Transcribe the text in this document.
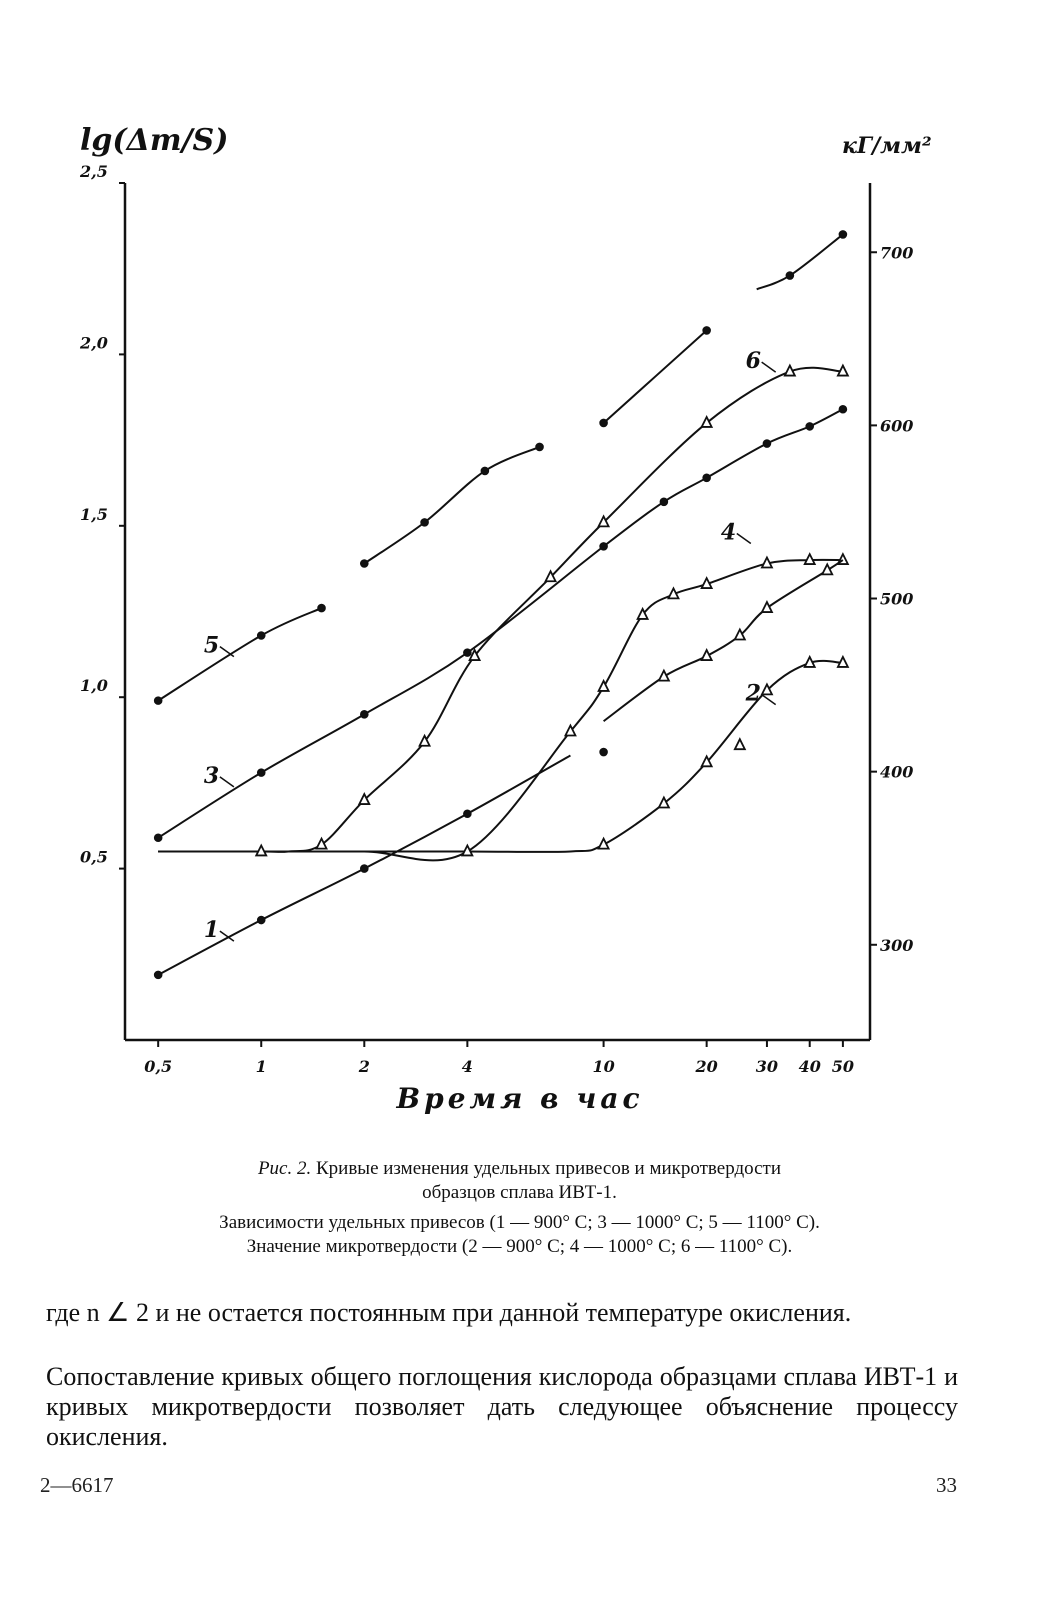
0,5	1	2	4	10	20 30 40 50
0,5
1,0
1,5
2,0
2,5
300
400
500
600
700
1
2
3
4
5
6
lg(Δm/S)	кГ/мм²
Время в час
Рис. 2. Кривые изменения удельных привесов и микротвердости
образцов сплава ИВТ-1.
Зависимости удельных привесов (1 — 900° С; 3 — 1000° С; 5 — 1100° С).
Значение микротвердости (2 — 900° С; 4 — 1000° С; 6 — 1100° С).
где n ∠ 2 и не остается постоянным при данной температуре окисления.
Сопоставление кривых общего поглощения кислорода образцами сплава ИВТ-1 и кривых микротвердости позволяет дать следующее объяснение процессу окисления.
2—6617	33
